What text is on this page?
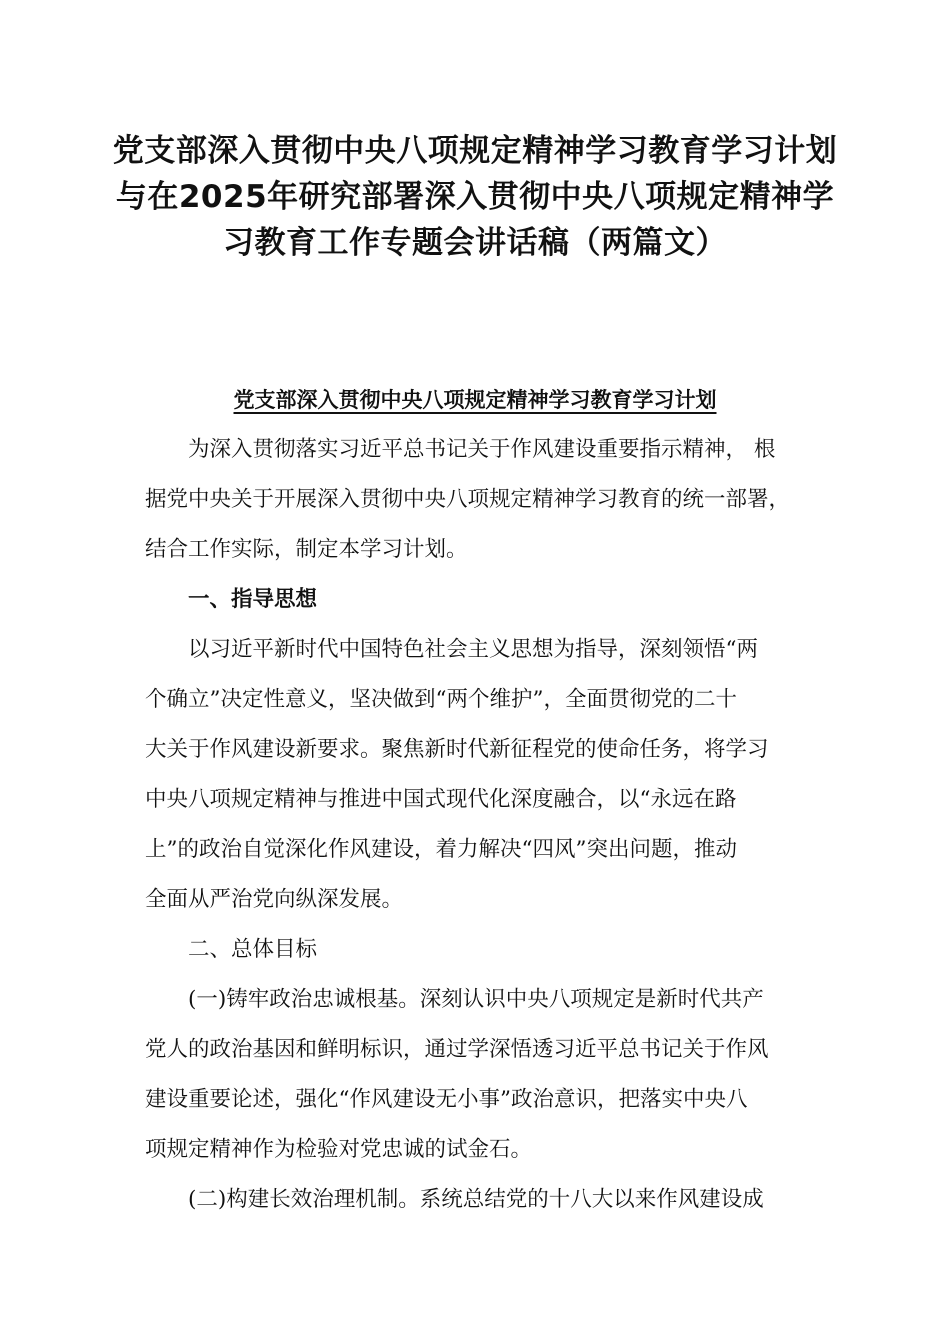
党支部深入贯彻中央八项规定精神学习教育学习计划
与在2025年研究部署深入贯彻中央八项规定精神学
习教育工作专题会讲话稿（两篇文）
党支部深入贯彻中央八项规定精神学习教育学习计划
为深入贯彻落实习近平总书记关于作风建设重要指示精神， 根
据党中央关于开展深入贯彻中央八项规定精神学习教育的统一部署，
结合工作实际，制定本学习计划。
一、指导思想
以习近平新时代中国特色社会主义思想为指导，深刻领悟“两
个确立”决定性意义，坚决做到“两个维护”，全面贯彻党的二十
大关于作风建设新要求。聚焦新时代新征程党的使命任务，将学习
中央八项规定精神与推进中国式现代化深度融合，以“永远在路
上”的政治自觉深化作风建设，着力解决“四风”突出问题，推动
全面从严治党向纵深发展。
二、总体目标
(一)铸牢政治忠诚根基。深刻认识中央八项规定是新时代共产
党人的政治基因和鲜明标识，通过学深悟透习近平总书记关于作风
建设重要论述，强化“作风建设无小事”政治意识，把落实中央八
项规定精神作为检验对党忠诚的试金石。
(二)构建长效治理机制。系统总结党的十八大以来作风建设成
